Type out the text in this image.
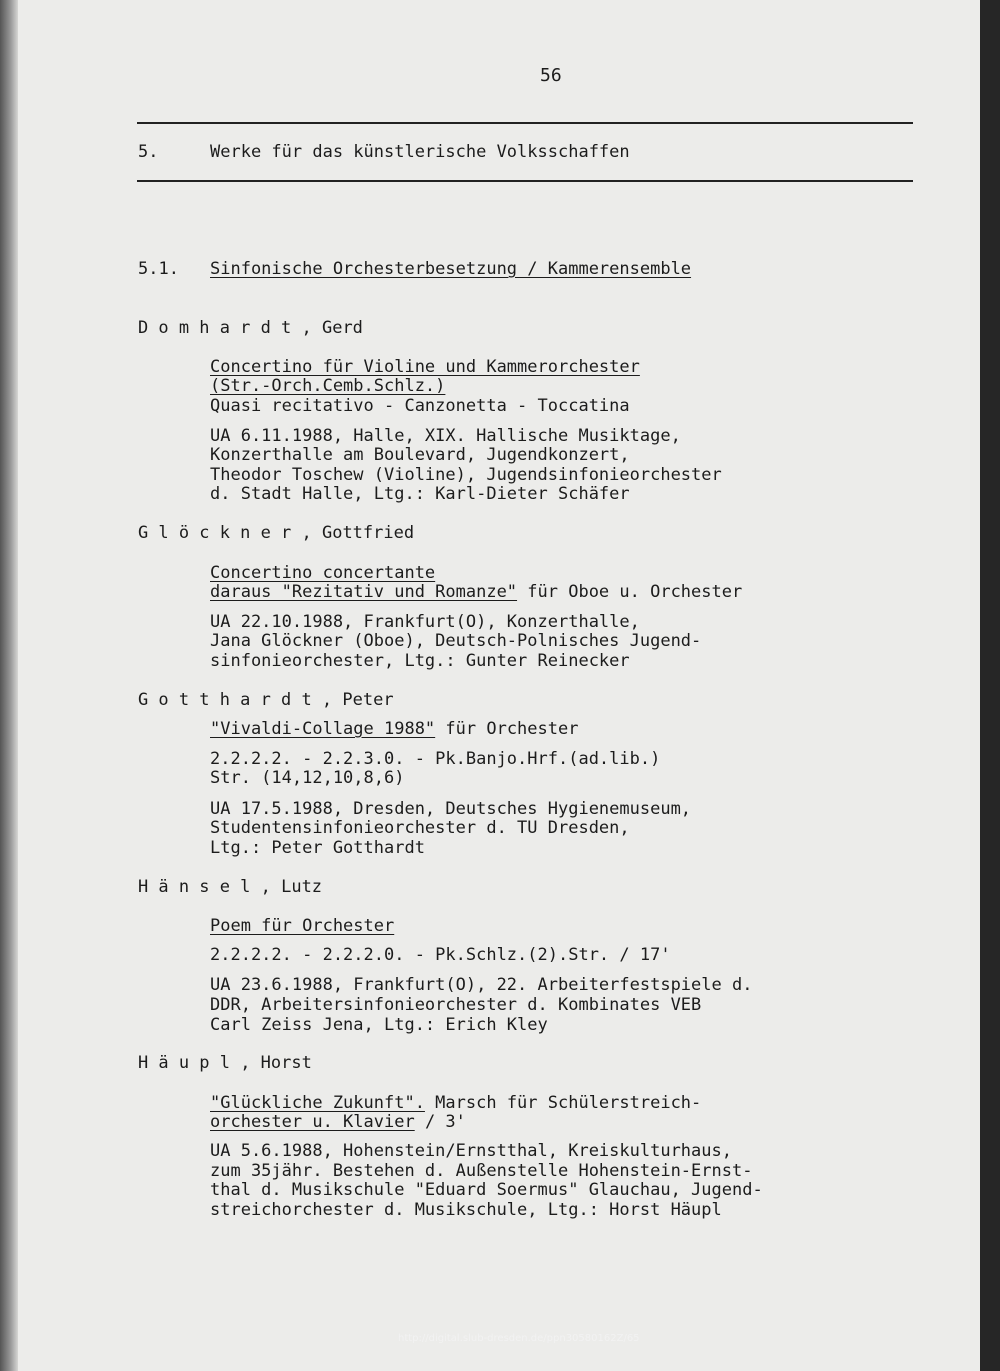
56
5.	Werke für das künstlerische Volksschaffen
5.1. Sinfonische Orchesterbesetzung / Kammerensemble
Domhardt, Gerd
Concertino für Violine und Kammerorchester
(Str.-Orch.Cemb.Schlz.)
Quasi recitativo - Canzonetta - Toccatina
UA 6.11.1988, Halle, XIX. Hallische Musiktage,
Konzerthalle am Boulevard, Jugendkonzert,
Theodor Toschew (Violine), Jugendsinfonieorchester
d. Stadt Halle, Ltg.: Karl-Dieter Schäfer
Glöckner, Gottfried
Concertino concertante
daraus "Rezitativ und Romanze" für Oboe u. Orchester
UA 22.10.1988, Frankfurt(O), Konzerthalle,
Jana Glöckner (Oboe), Deutsch-Polnisches Jugend-
sinfonieorchester, Ltg.: Gunter Reinecker
Gotthardt, Peter
"Vivaldi-Collage 1988" für Orchester
2.2.2.2. - 2.2.3.0. - Pk.Banjo.Hrf.(ad.lib.)
Str. (14,12,10,8,6)
UA 17.5.1988, Dresden, Deutsches Hygienemuseum,
Studentensinfonieorchester d. TU Dresden,
Ltg.: Peter Gotthardt
Hänsel, Lutz
Poem für Orchester
2.2.2.2. - 2.2.2.0. - Pk.Schlz.(2).Str. / 17'
UA 23.6.1988, Frankfurt(O), 22. Arbeiterfestspiele d.
DDR, Arbeitersinfonieorchester d. Kombinates VEB
Carl Zeiss Jena, Ltg.: Erich Kley
Häupl, Horst
"Glückliche Zukunft". Marsch für Schülerstreich-
orchester u. Klavier / 3'
UA 5.6.1988, Hohenstein/Ernstthal, Kreiskulturhaus,
zum 35jähr. Bestehen d. Außenstelle Hohenstein-Ernst-
thal d. Musikschule "Eduard Soermus" Glauchau, Jugend-
streichorchester d. Musikschule, Ltg.: Horst Häupl
http://digital.slub-dresden.de/ppn30580162Z/65
